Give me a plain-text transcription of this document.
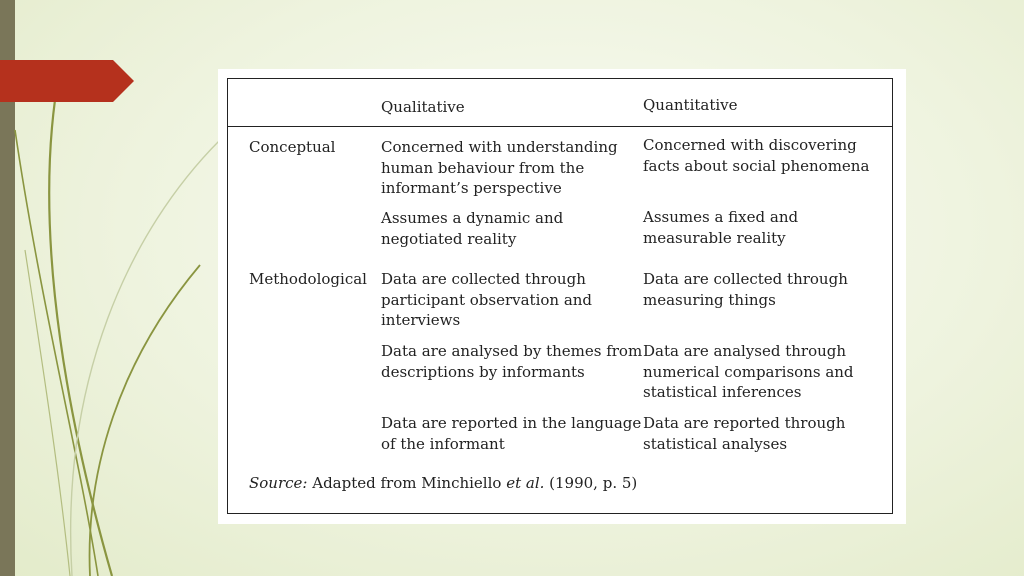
Qualitative	Quantitative
Conceptual
Methodological
Concerned with understanding
human behaviour from the
informant’s perspective
Concerned with discovering
facts about social phenomena
Assumes a dynamic and
negotiated reality
Assumes a fixed and
measurable reality
Data are collected through
participant observation and
interviews
Data are collected through
measuring things
Data are analysed by themes from
descriptions by informants
Data are analysed through
numerical comparisons and
statistical inferences
Data are reported in the language
of the informant
Data are reported through
statistical analyses
Source: Adapted from Minchiello et al. (1990, p. 5)
